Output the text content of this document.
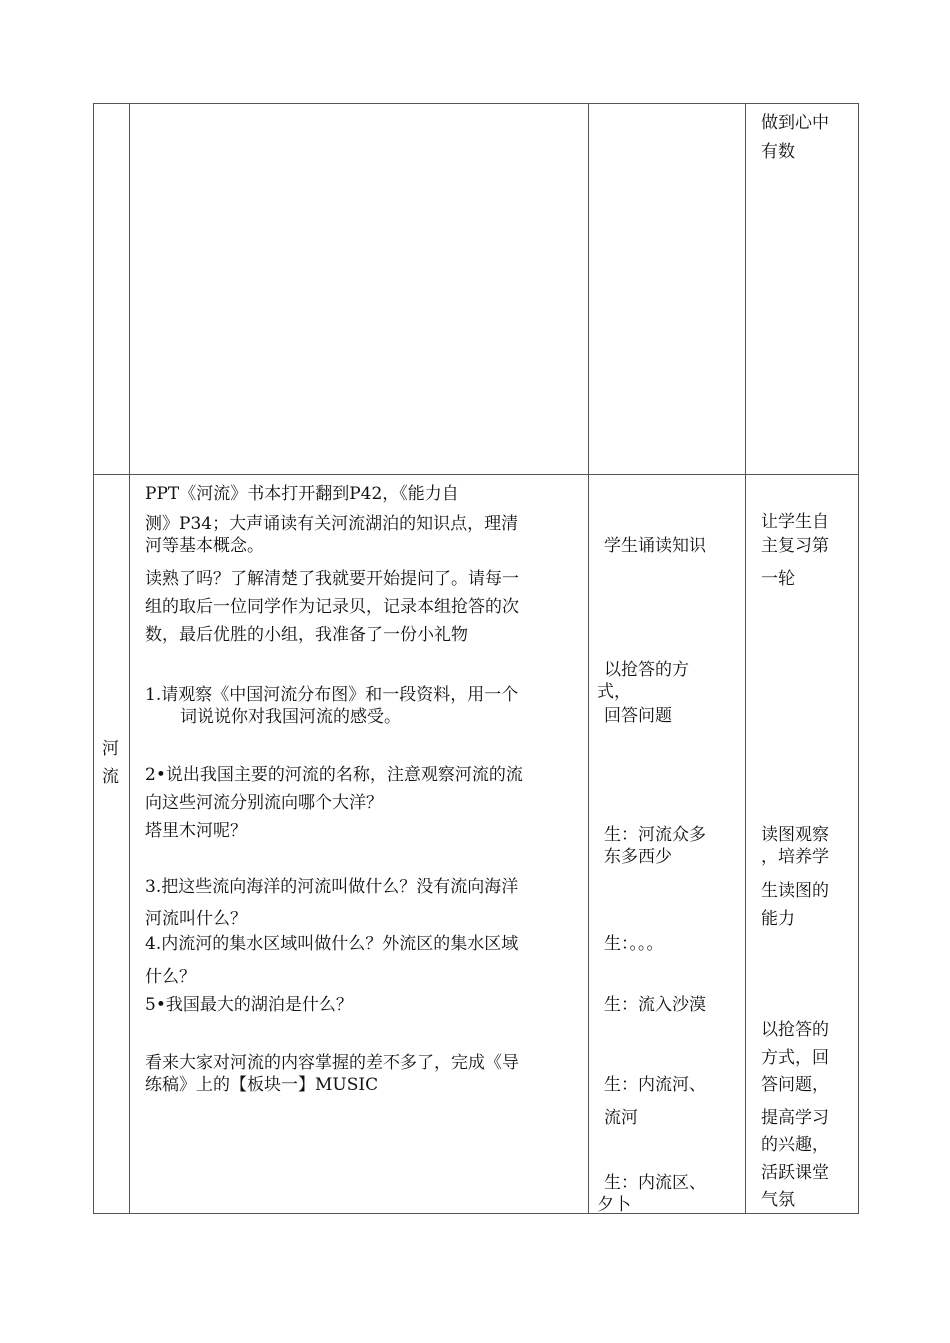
做到心中
有数
河
流
PPT《河流》书本打开翻到P42，《能力自
测》P34；大声诵读有关河流湖泊的知识点，理清
河等基本概念。
读熟了吗？了解清楚了我就要开始提问了。请每一
组的取后一位同学作为记录贝，记录本组抢答的次
数，最后优胜的小组，我准备了一份小礼物
1.请观察《中国河流分布图》和一段资料，用一个
词说说你对我国河流的感受。
2•说出我国主要的河流的名称，注意观察河流的流
向这些河流分别流向哪个大洋？
塔里木河呢？
3.把这些流向海洋的河流叫做什么？没有流向海洋
河流叫什么？
4.内流河的集水区域叫做什么？外流区的集水区域
什么？
5•我国最大的湖泊是什么？
看来大家对河流的内容掌握的差不多了，完成《导
练稿》上的【板块一】MUSIC
学生诵读知识
以抢答的方
式，
回答问题
生：河流众多
东多西少
生：。。。
生：流入沙漠
生：内流河、
流河
生：内流区、
夕卜
让学生自
主复习第
一轮
读图观察
，培养学
生读图的
能力
以抢答的
方式，回
答问题，
提高学习
的兴趣，
活跃课堂
气氛
